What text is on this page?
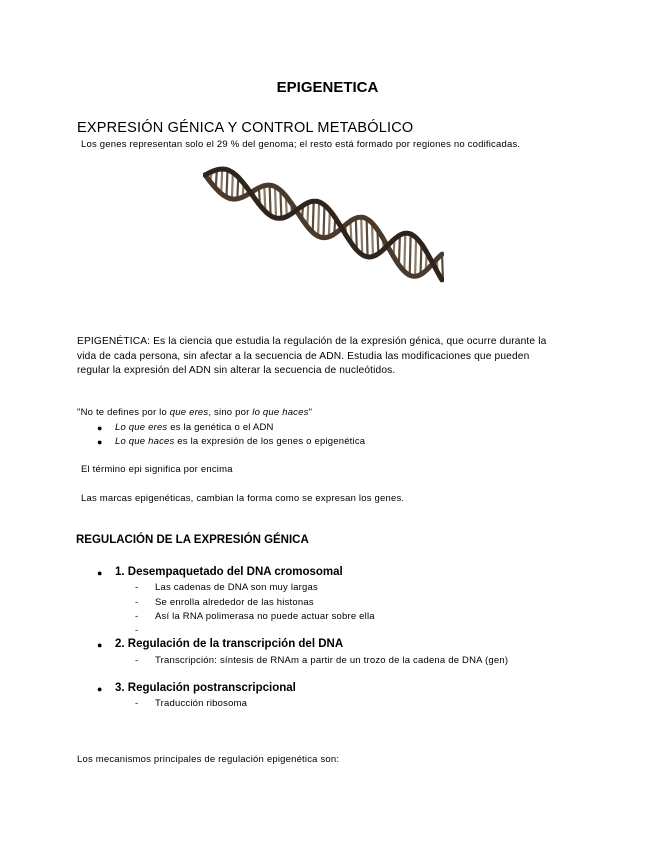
EPIGENETICA
EXPRESIÓN GÉNICA Y CONTROL METABÓLICO
Los genes representan solo el 29 % del genoma; el resto está formado por regiones no codificadas.
EPIGENÉTICA: Es la ciencia que estudia la regulación de la expresión génica, que ocurre durante la
vida de cada persona, sin afectar a la secuencia de ADN. Estudia las modificaciones que pueden
regular la expresión del ADN sin alterar la secuencia de nucleótidos.
"No te defines por lo que eres, sino por lo que haces"
● Lo que eres es la genética o el ADN
● Lo que haces es la expresión de los genes o epigenética
El término epi significa por encima
Las marcas epigenéticas, cambian la forma como se expresan los genes.
REGULACIÓN DE LA EXPRESIÓN GÉNICA
● 1. Desempaquetado del DNA cromosomal
- Las cadenas de DNA son muy largas
- Se enrolla alrededor de las histonas
- Así la RNA polimerasa no puede actuar sobre ella
-
● 2. Regulación de la transcripción del DNA
- Transcripción: síntesis de RNAm a partir de un trozo de la cadena de DNA (gen)
● 3. Regulación postranscripcional
- Traducción ribosoma
Los mecanismos principales de regulación epigenética son:
